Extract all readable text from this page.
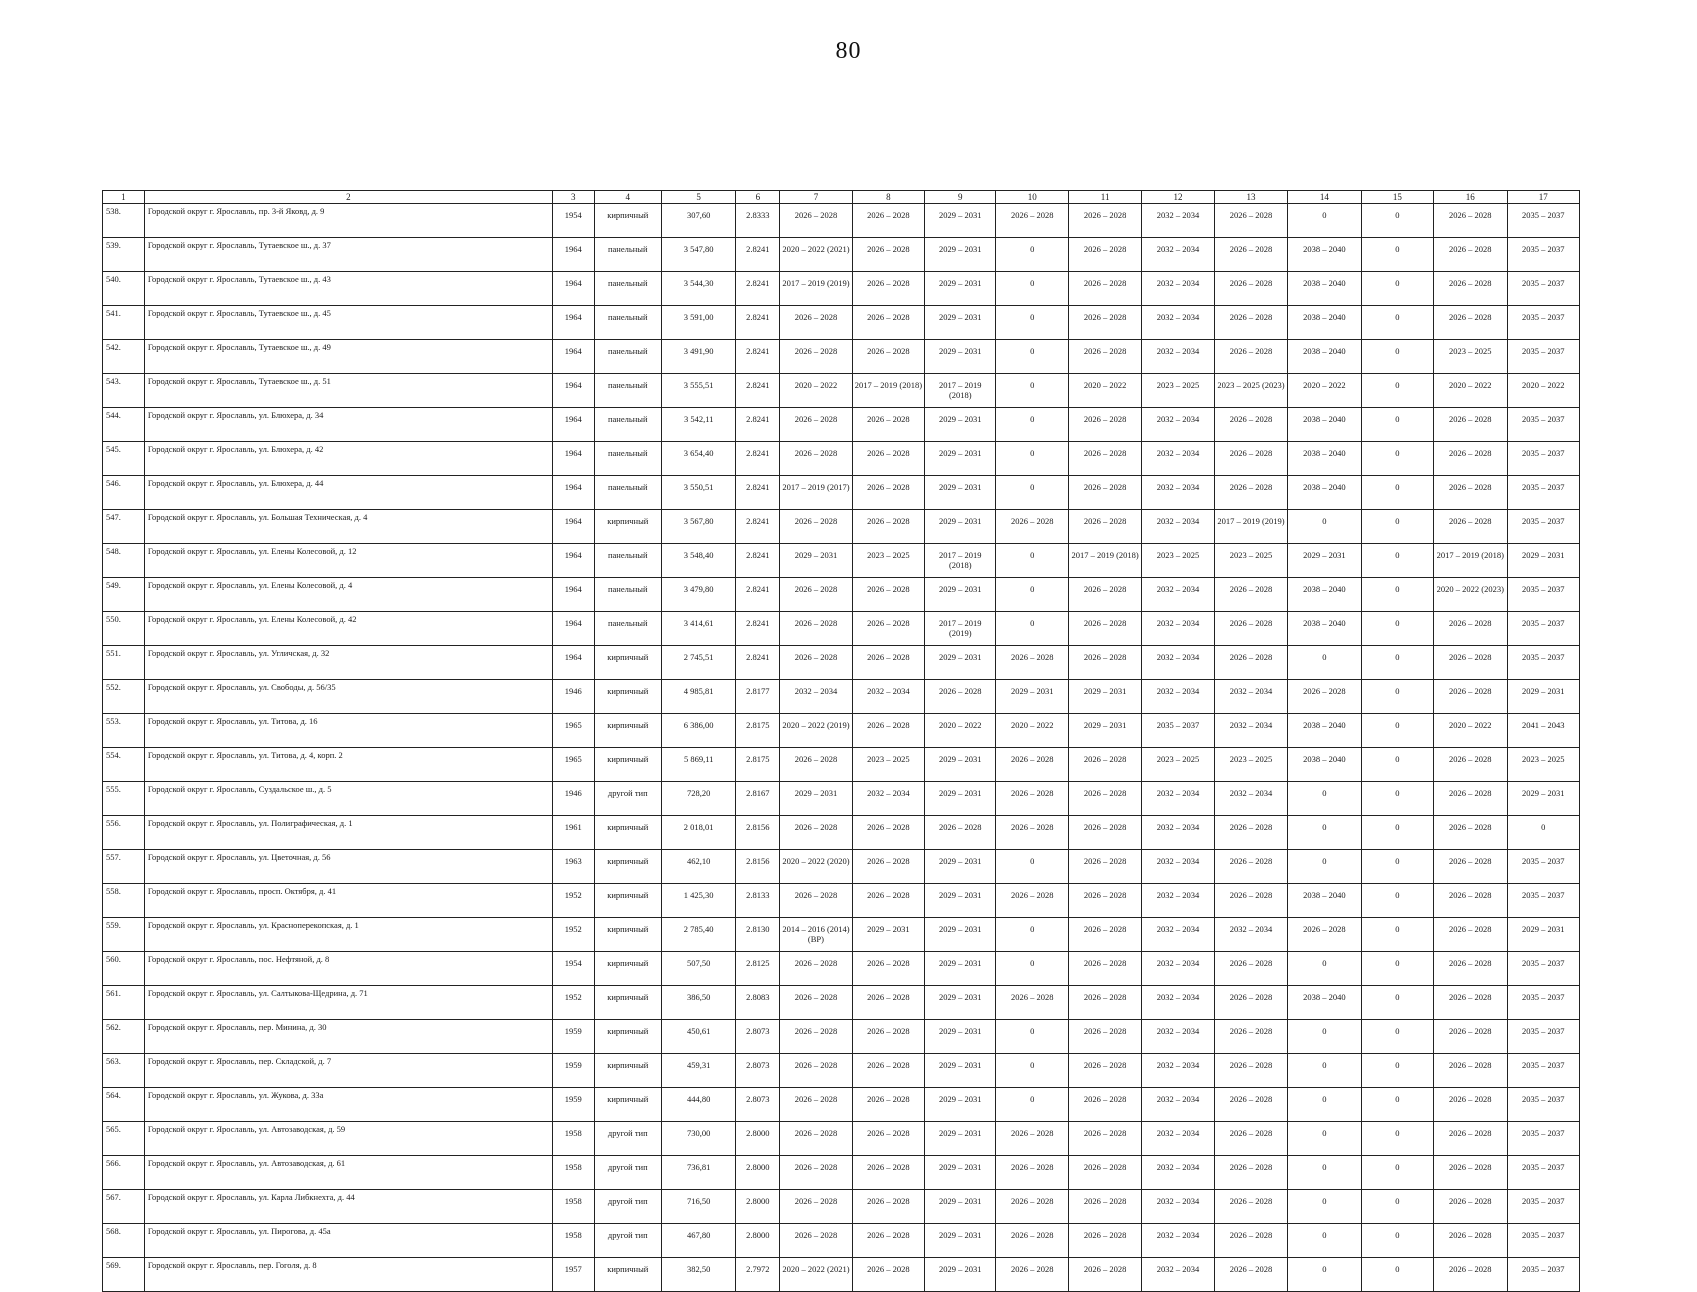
80
1	2	3	4	5	6	7	8	9	10	11	12	13	14	15	16	17
538.	Городской округ г. Ярославль, пр. 3-й Яковд, д. 9	1954	кирпичный	307,60	2.8333	2026 – 2028	2026 – 2028	2029 – 2031	2026 – 2028	2026 – 2028	2032 – 2034	2026 – 2028	0	0	2026 – 2028	2035 – 2037
539.	Городской округ г. Ярославль, Тутаевское ш., д. 37	1964	панельный	3 547,80	2.8241	2020 – 2022 (2021)	2026 – 2028	2029 – 2031	0	2026 – 2028	2032 – 2034	2026 – 2028	2038 – 2040	0	2026 – 2028	2035 – 2037
540.	Городской округ г. Ярославль, Тутаевское ш., д. 43	1964	панельный	3 544,30	2.8241	2017 – 2019 (2019)	2026 – 2028	2029 – 2031	0	2026 – 2028	2032 – 2034	2026 – 2028	2038 – 2040	0	2026 – 2028	2035 – 2037
541.	Городской округ г. Ярославль, Тутаевское ш., д. 45	1964	панельный	3 591,00	2.8241	2026 – 2028	2026 – 2028	2029 – 2031	0	2026 – 2028	2032 – 2034	2026 – 2028	2038 – 2040	0	2026 – 2028	2035 – 2037
542.	Городской округ г. Ярославль, Тутаевское ш., д. 49	1964	панельный	3 491,90	2.8241	2026 – 2028	2026 – 2028	2029 – 2031	0	2026 – 2028	2032 – 2034	2026 – 2028	2038 – 2040	0	2023 – 2025	2035 – 2037
543.	Городской округ г. Ярославль, Тутаевское ш., д. 51	1964	панельный	3 555,51	2.8241	2020 – 2022	2017 – 2019 (2018)	2017 – 2019 (2018)	0	2020 – 2022	2023 – 2025	2023 – 2025 (2023)	2020 – 2022	0	2020 – 2022	2020 – 2022
544.	Городской округ г. Ярославль, ул. Блюхера, д. 34	1964	панельный	3 542,11	2.8241	2026 – 2028	2026 – 2028	2029 – 2031	0	2026 – 2028	2032 – 2034	2026 – 2028	2038 – 2040	0	2026 – 2028	2035 – 2037
545.	Городской округ г. Ярославль, ул. Блюхера, д. 42	1964	панельный	3 654,40	2.8241	2026 – 2028	2026 – 2028	2029 – 2031	0	2026 – 2028	2032 – 2034	2026 – 2028	2038 – 2040	0	2026 – 2028	2035 – 2037
546.	Городской округ г. Ярославль, ул. Блюхера, д. 44	1964	панельный	3 550,51	2.8241	2017 – 2019 (2017)	2026 – 2028	2029 – 2031	0	2026 – 2028	2032 – 2034	2026 – 2028	2038 – 2040	0	2026 – 2028	2035 – 2037
547.	Городской округ г. Ярославль, ул. Большая Техническая, д. 4	1964	кирпичный	3 567,80	2.8241	2026 – 2028	2026 – 2028	2029 – 2031	2026 – 2028	2026 – 2028	2032 – 2034	2017 – 2019 (2019)	0	0	2026 – 2028	2035 – 2037
548.	Городской округ г. Ярославль, ул. Елены Колесовой, д. 12	1964	панельный	3 548,40	2.8241	2029 – 2031	2023 – 2025	2017 – 2019 (2018)	0	2017 – 2019 (2018)	2023 – 2025	2023 – 2025	2029 – 2031	0	2017 – 2019 (2018)	2029 – 2031
549.	Городской округ г. Ярославль, ул. Елены Колесовой, д. 4	1964	панельный	3 479,80	2.8241	2026 – 2028	2026 – 2028	2029 – 2031	0	2026 – 2028	2032 – 2034	2026 – 2028	2038 – 2040	0	2020 – 2022 (2023)	2035 – 2037
550.	Городской округ г. Ярославль, ул. Елены Колесовой, д. 42	1964	панельный	3 414,61	2.8241	2026 – 2028	2026 – 2028	2017 – 2019 (2019)	0	2026 – 2028	2032 – 2034	2026 – 2028	2038 – 2040	0	2026 – 2028	2035 – 2037
551.	Городской округ г. Ярославль, ул. Угличская, д. 32	1964	кирпичный	2 745,51	2.8241	2026 – 2028	2026 – 2028	2029 – 2031	2026 – 2028	2026 – 2028	2032 – 2034	2026 – 2028	0	0	2026 – 2028	2035 – 2037
552.	Городской округ г. Ярославль, ул. Свободы, д. 56/35	1946	кирпичный	4 985,81	2.8177	2032 – 2034	2032 – 2034	2026 – 2028	2029 – 2031	2029 – 2031	2032 – 2034	2032 – 2034	2026 – 2028	0	2026 – 2028	2029 – 2031
553.	Городской округ г. Ярославль, ул. Титова, д. 16	1965	кирпичный	6 386,00	2.8175	2020 – 2022 (2019)	2026 – 2028	2020 – 2022	2020 – 2022	2029 – 2031	2035 – 2037	2032 – 2034	2038 – 2040	0	2020 – 2022	2041 – 2043
554.	Городской округ г. Ярославль, ул. Титова, д. 4, корп. 2	1965	кирпичный	5 869,11	2.8175	2026 – 2028	2023 – 2025	2029 – 2031	2026 – 2028	2026 – 2028	2023 – 2025	2023 – 2025	2038 – 2040	0	2026 – 2028	2023 – 2025
555.	Городской округ г. Ярославль, Суздальское ш., д. 5	1946	другой тип	728,20	2.8167	2029 – 2031	2032 – 2034	2029 – 2031	2026 – 2028	2026 – 2028	2032 – 2034	2032 – 2034	0	0	2026 – 2028	2029 – 2031
556.	Городской округ г. Ярославль, ул. Полиграфическая, д. 1	1961	кирпичный	2 018,01	2.8156	2026 – 2028	2026 – 2028	2026 – 2028	2026 – 2028	2026 – 2028	2032 – 2034	2026 – 2028	0	0	2026 – 2028	0
557.	Городской округ г. Ярославль, ул. Цветочная, д. 56	1963	кирпичный	462,10	2.8156	2020 – 2022 (2020)	2026 – 2028	2029 – 2031	0	2026 – 2028	2032 – 2034	2026 – 2028	0	0	2026 – 2028	2035 – 2037
558.	Городской округ г. Ярославль, просп. Октября, д. 41	1952	кирпичный	1 425,30	2.8133	2026 – 2028	2026 – 2028	2029 – 2031	2026 – 2028	2026 – 2028	2032 – 2034	2026 – 2028	2038 – 2040	0	2026 – 2028	2035 – 2037
559.	Городской округ г. Ярославль, ул. Красноперекопская, д. 1	1952	кирпичный	2 785,40	2.8130	2014 – 2016 (2014) (ВР)	2029 – 2031	2029 – 2031	0	2026 – 2028	2032 – 2034	2032 – 2034	2026 – 2028	0	2026 – 2028	2029 – 2031
560.	Городской округ г. Ярославль, пос. Нефтяной, д. 8	1954	кирпичный	507,50	2.8125	2026 – 2028	2026 – 2028	2029 – 2031	0	2026 – 2028	2032 – 2034	2026 – 2028	0	0	2026 – 2028	2035 – 2037
561.	Городской округ г. Ярославль, ул. Салтыкова-Щедрина, д. 71	1952	кирпичный	386,50	2.8083	2026 – 2028	2026 – 2028	2029 – 2031	2026 – 2028	2026 – 2028	2032 – 2034	2026 – 2028	2038 – 2040	0	2026 – 2028	2035 – 2037
562.	Городской округ г. Ярославль, пер. Минина, д. 30	1959	кирпичный	450,61	2.8073	2026 – 2028	2026 – 2028	2029 – 2031	0	2026 – 2028	2032 – 2034	2026 – 2028	0	0	2026 – 2028	2035 – 2037
563.	Городской округ г. Ярославль, пер. Складской, д. 7	1959	кирпичный	459,31	2.8073	2026 – 2028	2026 – 2028	2029 – 2031	0	2026 – 2028	2032 – 2034	2026 – 2028	0	0	2026 – 2028	2035 – 2037
564.	Городской округ г. Ярославль, ул. Жукова, д. 33а	1959	кирпичный	444,80	2.8073	2026 – 2028	2026 – 2028	2029 – 2031	0	2026 – 2028	2032 – 2034	2026 – 2028	0	0	2026 – 2028	2035 – 2037
565.	Городской округ г. Ярославль, ул. Автозаводская, д. 59	1958	другой тип	730,00	2.8000	2026 – 2028	2026 – 2028	2029 – 2031	2026 – 2028	2026 – 2028	2032 – 2034	2026 – 2028	0	0	2026 – 2028	2035 – 2037
566.	Городской округ г. Ярославль, ул. Автозаводская, д. 61	1958	другой тип	736,81	2.8000	2026 – 2028	2026 – 2028	2029 – 2031	2026 – 2028	2026 – 2028	2032 – 2034	2026 – 2028	0	0	2026 – 2028	2035 – 2037
567.	Городской округ г. Ярославль, ул. Карла Либкнехта, д. 44	1958	другой тип	716,50	2.8000	2026 – 2028	2026 – 2028	2029 – 2031	2026 – 2028	2026 – 2028	2032 – 2034	2026 – 2028	0	0	2026 – 2028	2035 – 2037
568.	Городской округ г. Ярославль, ул. Пирогова, д. 45а	1958	другой тип	467,80	2.8000	2026 – 2028	2026 – 2028	2029 – 2031	2026 – 2028	2026 – 2028	2032 – 2034	2026 – 2028	0	0	2026 – 2028	2035 – 2037
569.	Городской округ г. Ярославль, пер. Гоголя, д. 8	1957	кирпичный	382,50	2.7972	2020 – 2022 (2021)	2026 – 2028	2029 – 2031	2026 – 2028	2026 – 2028	2032 – 2034	2026 – 2028	0	0	2026 – 2028	2035 – 2037
